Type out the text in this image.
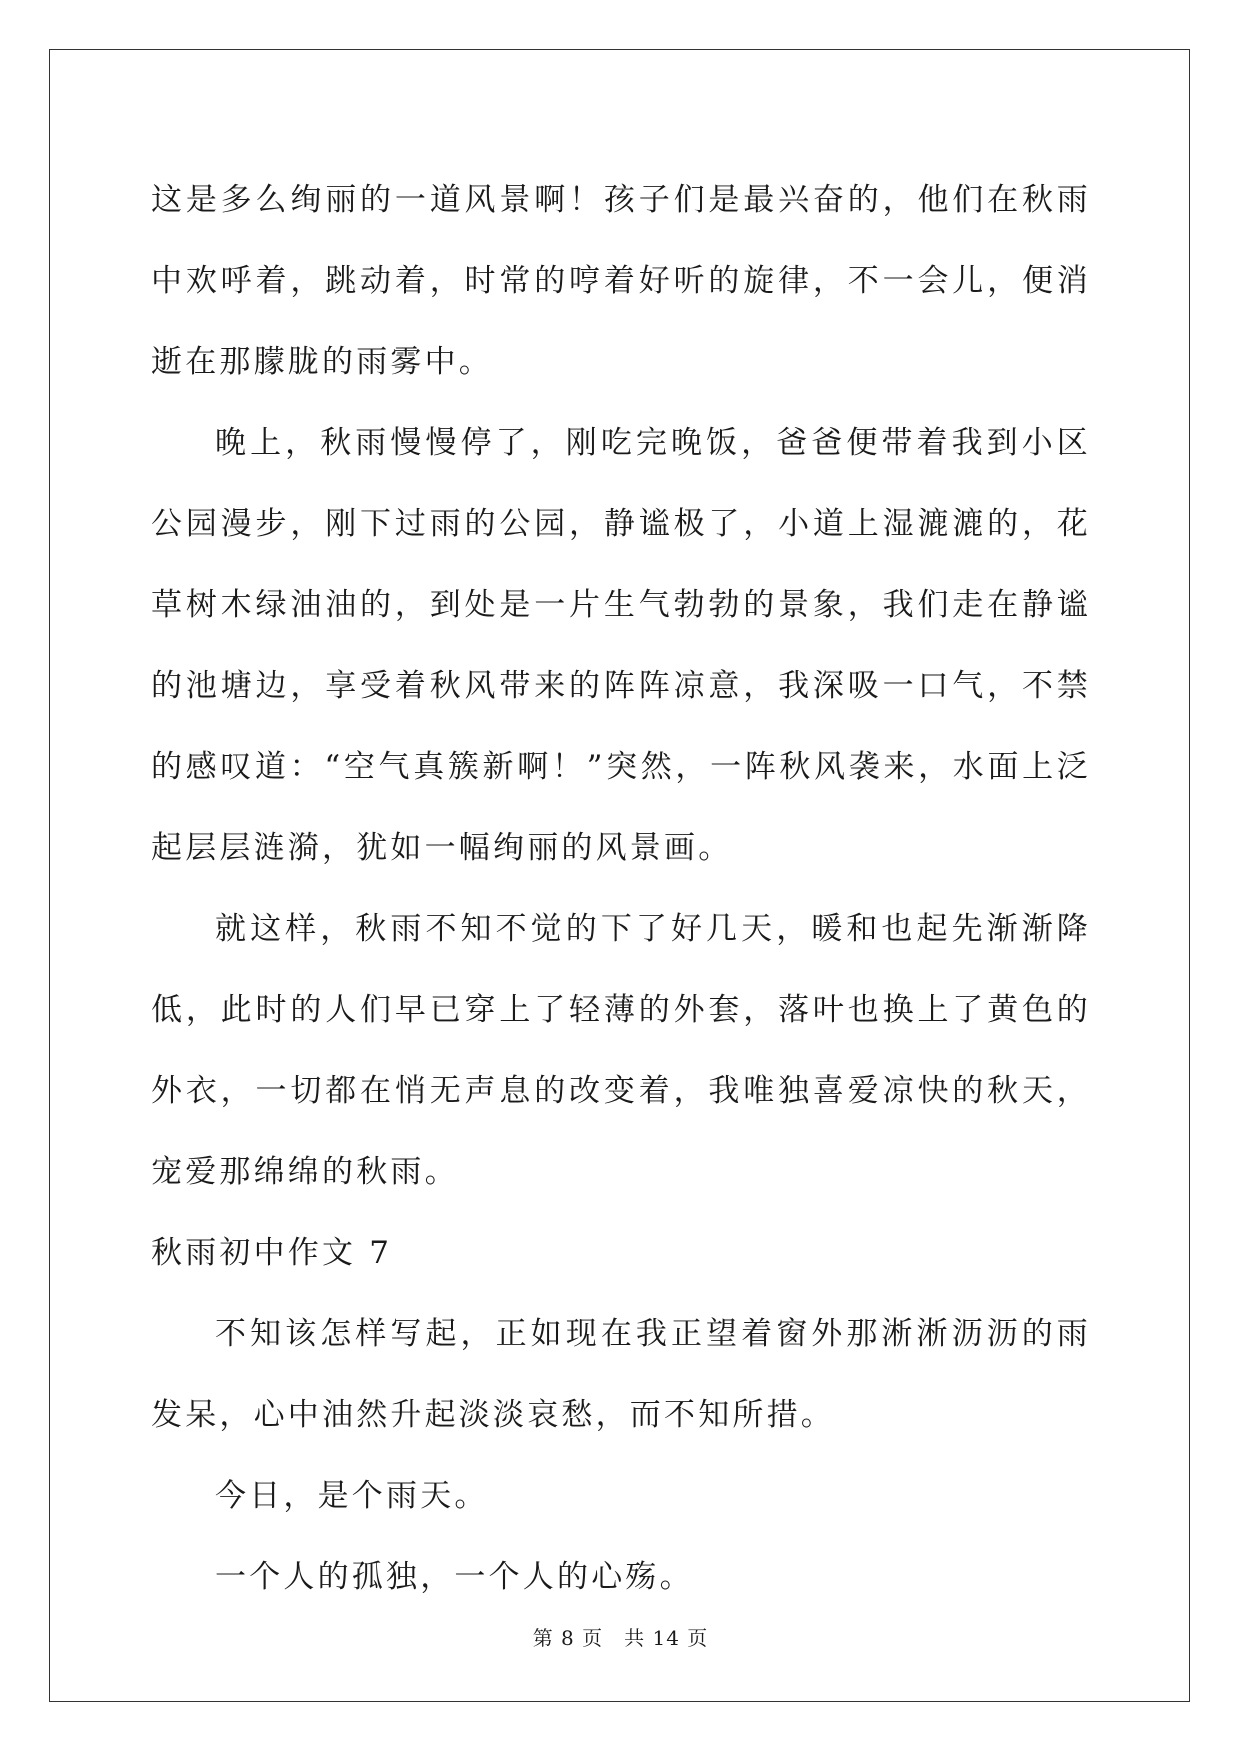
这是多么绚丽的一道风景啊！孩子们是最兴奋的，他们在秋雨中欢呼着，跳动着，时常的哼着好听的旋律，不一会儿，便消逝在那朦胧的雨雾中。

晚上，秋雨慢慢停了，刚吃完晚饭，爸爸便带着我到小区公园漫步，刚下过雨的公园，静谧极了，小道上湿漉漉的，花草树木绿油油的，到处是一片生气勃勃的景象，我们走在静谧的池塘边，享受着秋风带来的阵阵凉意，我深吸一口气，不禁的感叹道：“空气真簇新啊！”突然，一阵秋风袭来，水面上泛起层层涟漪，犹如一幅绚丽的风景画。

就这样，秋雨不知不觉的下了好几天，暖和也起先渐渐降低，此时的人们早已穿上了轻薄的外套，落叶也换上了黄色的外衣，一切都在悄无声息的改变着，我唯独喜爱凉快的秋天，宠爱那绵绵的秋雨。

秋雨初中作文 7

不知该怎样写起，正如现在我正望着窗外那淅淅沥沥的雨发呆，心中油然升起淡淡哀愁，而不知所措。

今日，是个雨天。

一个人的孤独，一个人的心殇。

第 8 页　共 14 页
